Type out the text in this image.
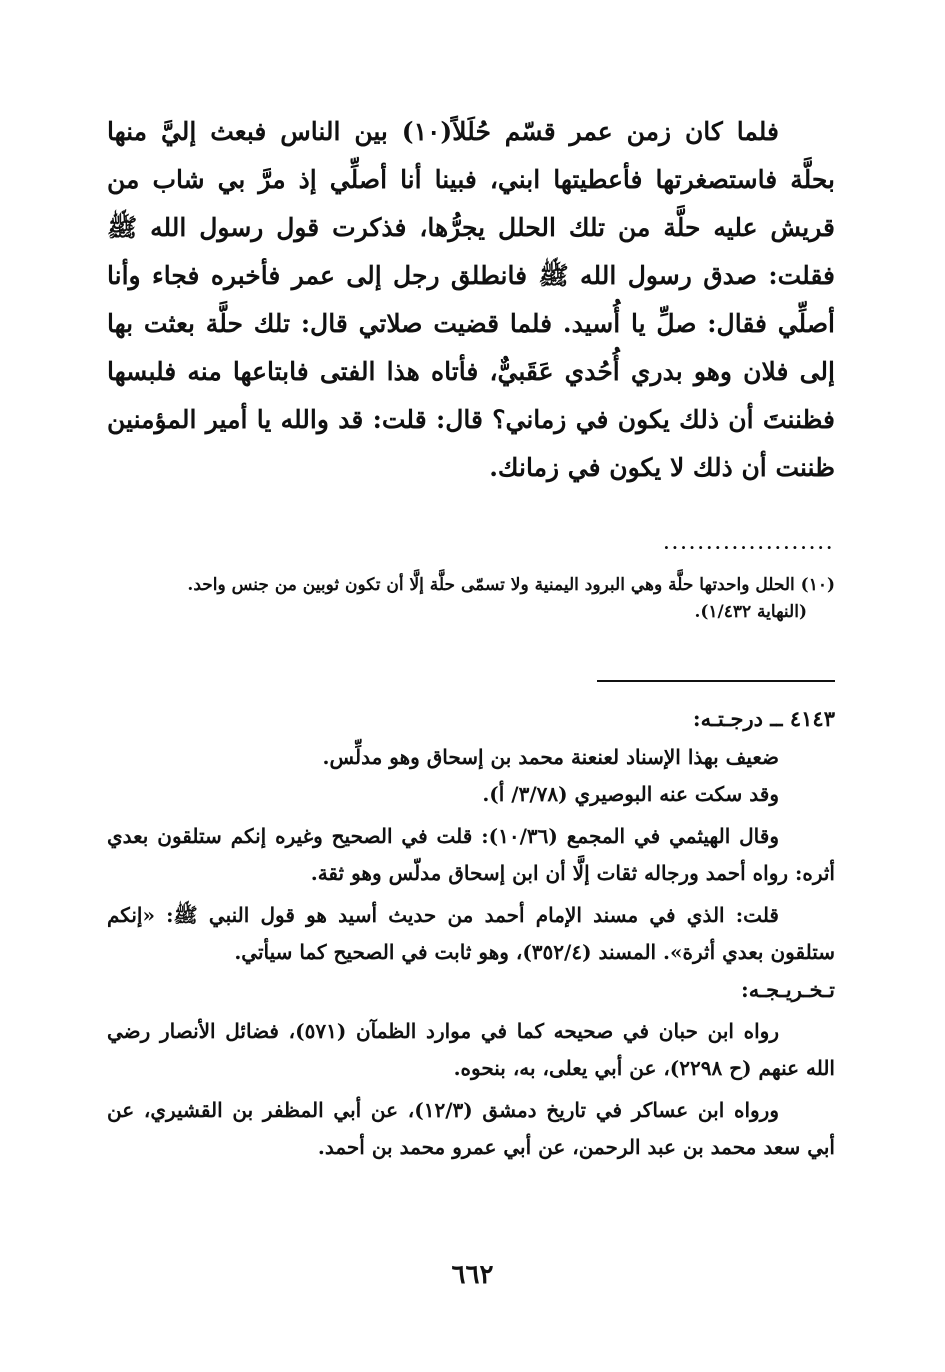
فلما كان زمن عمر قسّم حُلَلاً(١٠) بين الناس فبعث إليَّ منها بحلَّة فاستصغرتها فأعطيتها ابني، فبينا أنا أصلِّي إذ مرَّ بي شاب من قريش عليه حلَّة من تلك الحلل يجرُّها، فذكرت قول رسول الله ﷺ فقلت: صدق رسول الله ﷺ فانطلق رجل إلى عمر فأخبره فجاء وأنا أصلِّي فقال: صلِّ يا أُسيد. فلما قضيت صلاتي قال: تلك حلَّة بعثت بها إلى فلان وهو بدري أُحُدي عَقَبيٌّ، فأتاه هذا الفتى فابتاعها منه فلبسها فظننتَ أن ذلك يكون في زماني؟ قال: قلت: قد والله يا أمير المؤمنين ظننت أن ذلك لا يكون في زمانك.

....................

(١٠) الحلل واحدتها حلَّة وهي البرود اليمنية ولا تسمّى حلَّة إلَّا أن تكون ثوبين من جنس واحد.

(النهاية ١/٤٣٢).

٤١٤٣ ــ درجـتـه:

ضعيف بهذا الإسناد لعنعنة محمد بن إسحاق وهو مدلِّس.

وقد سكت عنه البوصيري (٣/٧٨/ أ).

وقال الهيثمي في المجمع (١٠/٣٦): قلت في الصحيح وغيره إنكم ستلقون بعدي أثره: رواه أحمد ورجاله ثقات إلَّا أن ابن إسحاق مدلّس وهو ثقة.

قلت: الذي في مسند الإمام أحمد من حديث أسيد هو قول النبي ﷺ: «إنكم ستلقون بعدي أثرة». المسند (٣٥٢/٤)، وهو ثابت في الصحيح كما سيأتي.

تـخـريـجـه:

رواه ابن حبان في صحيحه كما في موارد الظمآن (٥٧١)، فضائل الأنصار رضي الله عنهم (ح ٢٢٩٨)، عن أبي يعلى، به، بنحوه.

ورواه ابن عساكر في تاريخ دمشق (١٢/٣)، عن أبي المظفر بن القشيري، عن أبي سعد محمد بن عبد الرحمن، عن أبي عمرو محمد بن أحمد.

٦٦٢
